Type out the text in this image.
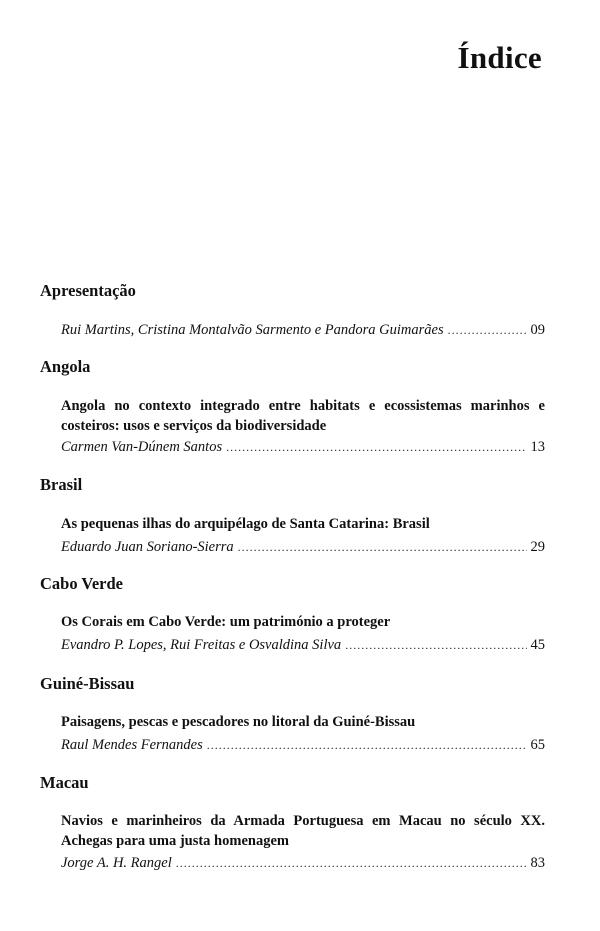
Índice
Apresentação
Rui Martins, Cristina Montalvão Sarmento e Pandora Guimarães .....	09
Angola
Angola no contexto integrado entre habitats e ecossistemas marinhos e costeiros: usos e serviços da biodiversidade
Carmen Van-Dúnem Santos .....	13
Brasil
As pequenas ilhas do arquipélago de Santa Catarina: Brasil
Eduardo Juan Soriano-Sierra .....	29
Cabo Verde
Os Corais em Cabo Verde: um património a proteger
Evandro P. Lopes, Rui Freitas e Osvaldina Silva .....	45
Guiné-Bissau
Paisagens, pescas e pescadores no litoral da Guiné-Bissau
Raul Mendes Fernandes .....	65
Macau
Navios e marinheiros da Armada Portuguesa em Macau no século XX. Achegas para uma justa homenagem
Jorge A. H. Rangel .....	83
